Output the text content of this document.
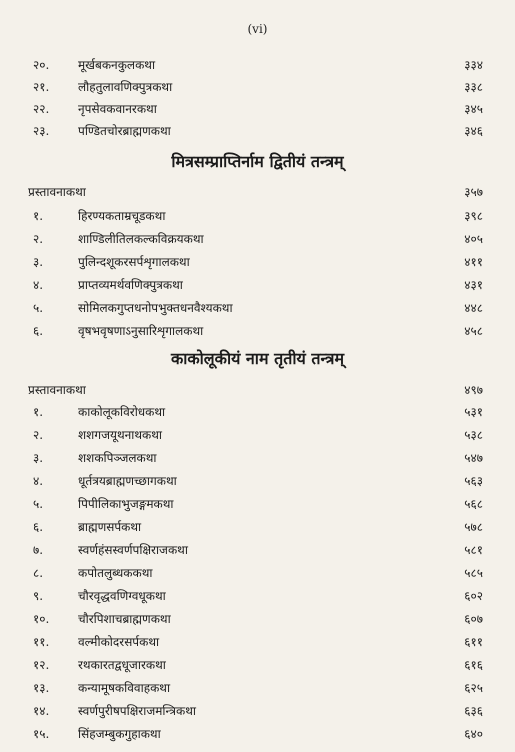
(vi)
२०. मूर्खबकनकुलकथा	३३४
२१. लौहतुलावणिक्पुत्रकथा	३३८
२२. नृपसेवकवानरकथा	३४५
२३. पण्डितचोरब्राह्मणकथा	३४६
मित्रसम्प्राप्तिर्नाम द्वितीयं तन्त्रम्
प्रस्तावनाकथा	३५७
१.	हिरण्यकताम्रचूडकथा	३९८
२.	शाण्डिलीतिलकल्कविक्रयकथा	४०५
३.	पुलिन्दशूकरसर्पशृगालकथा	४११
४.	प्राप्तव्यमर्थवणिक्पुत्रकथा	४३१
५.	सोमिलकगुप्तधनोपभुक्तधनवैश्यकथा	४४८
६.	वृषभवृषणाऽनुसारिशृगालकथा	४५८
काकोलूकीयं नाम तृतीयं तन्त्रम्
प्रस्तावनाकथा	४९७
१.	काकोलूकविरोधकथा	५३१
२.	शशगजयूथनाथकथा	५३८
३.	शशकपिञ्जलकथा	५४७
४.	धूर्तत्रयब्राह्मणच्छागकथा	५६३
५.	पिपीलिकाभुजङ्गमकथा	५६८
६.	ब्राह्मणसर्पकथा	५७८
७.	स्वर्णहंसस्वर्णपक्षिराजकथा	५८१
८.	कपोतलुब्धककथा	५८५
९.	चौरवृद्धवणिग्वधूकथा	६०२
१०. चौरपिशाचब्राह्मणकथा	६०७
११. वल्मीकोदरसर्पकथा	६११
१२. रथकारतद्वधूजारकथा	६१६
१३. कन्यामूषकविवाहकथा	६२५
१४. स्वर्णपुरीषपक्षिराजमन्त्रिकथा	६३६
१५. सिंहजम्बुकगुहाकथा	६४०
